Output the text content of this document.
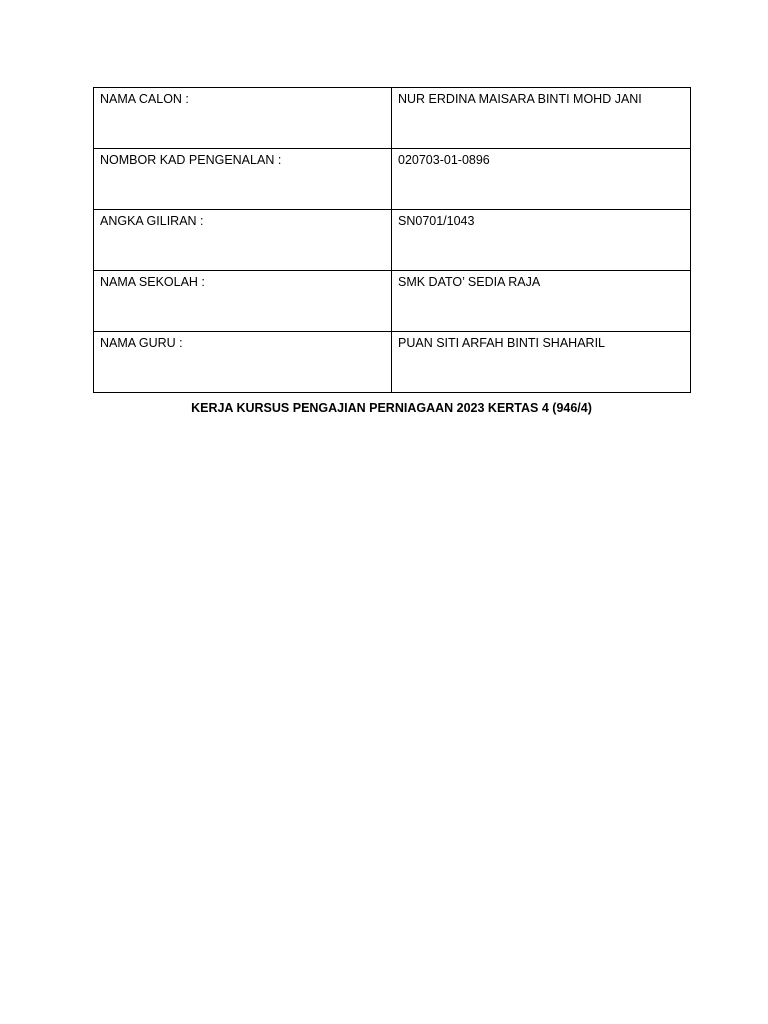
NAMA CALON :	NUR ERDINA MAISARA BINTI MOHD JANI
NOMBOR KAD PENGENALAN :	020703-01-0896
ANGKA GILIRAN :	SN0701/1043
NAMA SEKOLAH :	SMK DATO’ SEDIA RAJA
NAMA GURU :	PUAN SITI ARFAH BINTI SHAHARIL
KERJA KURSUS PENGAJIAN PERNIAGAAN 2023 KERTAS 4 (946/4)
